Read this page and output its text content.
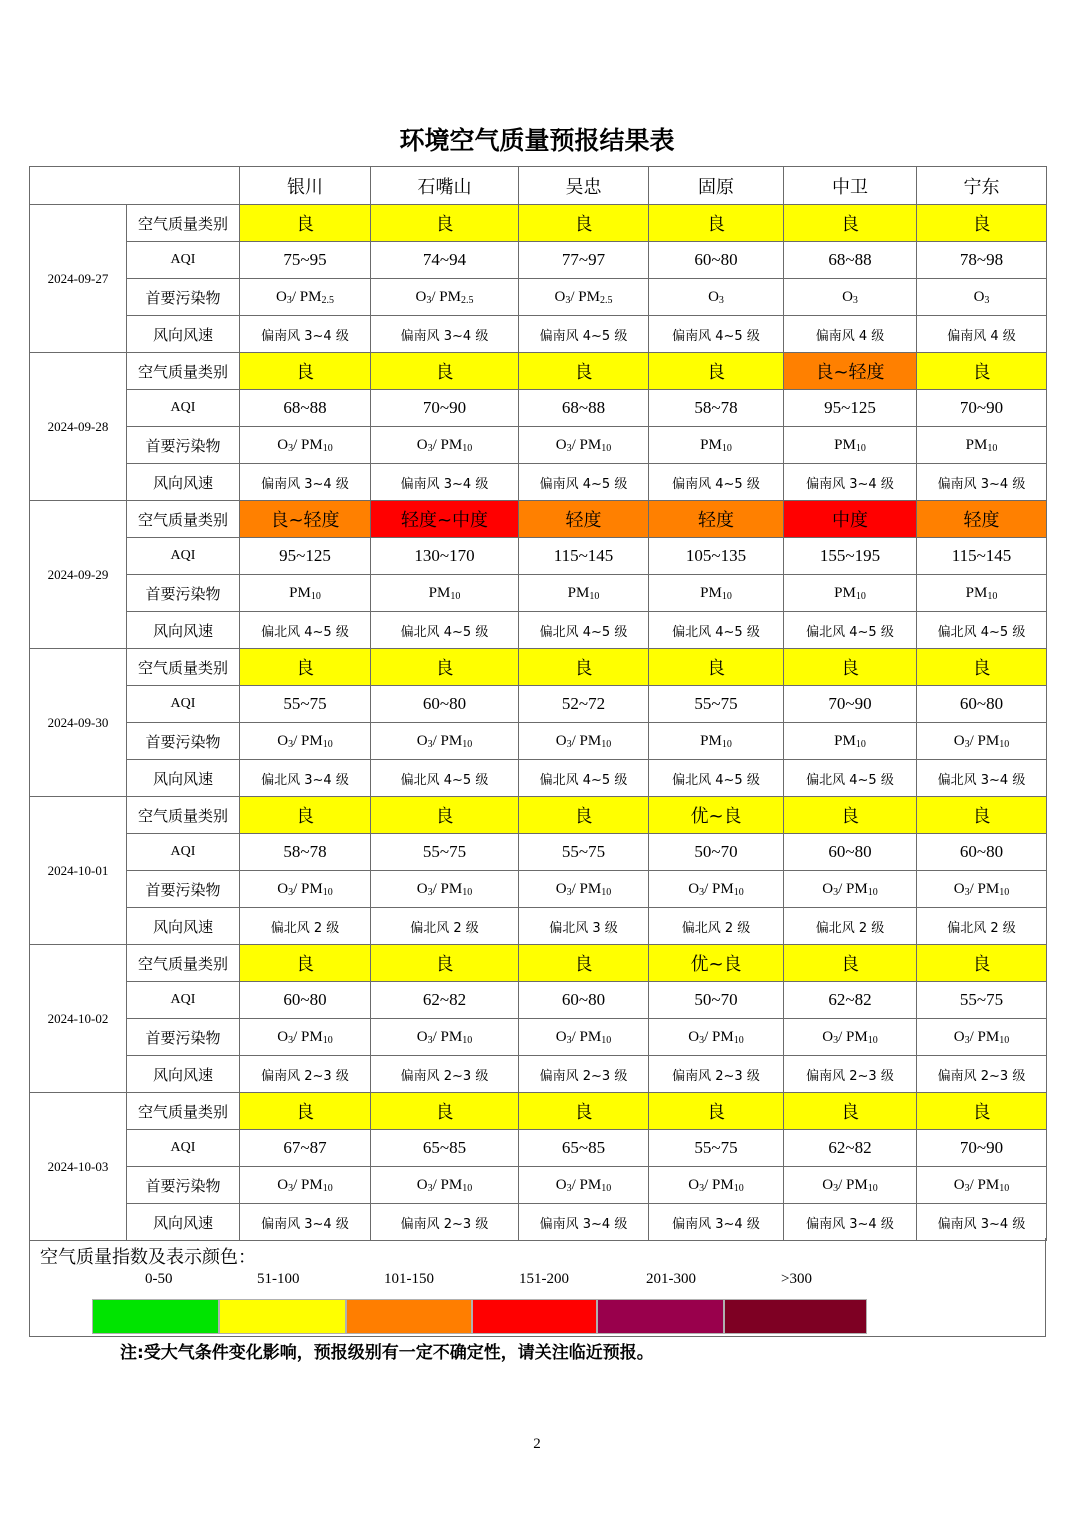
环境空气质量预报结果表
		银川	石嘴山	吴忠	固原	中卫	宁东
2024-09-27	空气质量类别	良	良	良	良	良	良
	AQI	75~95	74~94	77~97	60~80	68~88	78~98
	首要污染物	$O_3/$ $PM_{2.5}$	$O_3/$ $PM_{2.5}$	$O_3/$ $PM_{2.5}$	$O_3$	$O_3$	$O_3$
	风向风速	偏南风 3~4 级	偏南风 3~4 级	偏南风 4~5 级	偏南风 4~5 级	偏南风 4 级	偏南风 4 级
2024-09-28	空气质量类别	良	良	良	良	良~轻度	良
	AQI	68~88	70~90	68~88	58~78	95~125	70~90
	首要污染物	$O_3/$ $PM_{10}$	$O_3/$ $PM_{10}$	$O_3/$ $PM_{10}$	$PM_{10}$	$PM_{10}$	$PM_{10}$
	风向风速	偏南风 3~4 级	偏南风 3~4 级	偏南风 4~5 级	偏南风 4~5 级	偏南风 3~4 级	偏南风 3~4 级
2024-09-29	空气质量类别	良~轻度	轻度~中度	轻度	轻度	中度	轻度
	AQI	95~125	130~170	115~145	105~135	155~195	115~145
	首要污染物	$PM_{10}$	$PM_{10}$	$PM_{10}$	$PM_{10}$	$PM_{10}$	$PM_{10}$
	风向风速	偏北风 4~5 级	偏北风 4~5 级	偏北风 4~5 级	偏北风 4~5 级	偏北风 4~5 级	偏北风 4~5 级
2024-09-30	空气质量类别	良	良	良	良	良	良
	AQI	55~75	60~80	52~72	55~75	70~90	60~80
	首要污染物	$O_3/$ $PM_{10}$	$O_3/$ $PM_{10}$	$O_3/$ $PM_{10}$	$PM_{10}$	$PM_{10}$	$O_3/$ $PM_{10}$
	风向风速	偏北风 3~4 级	偏北风 4~5 级	偏北风 4~5 级	偏北风 4~5 级	偏北风 4~5 级	偏北风 3~4 级
2024-10-01	空气质量类别	良	良	良	优~良	良	良
	AQI	58~78	55~75	55~75	50~70	60~80	60~80
	首要污染物	$O_3/$ $PM_{10}$	$O_3/$ $PM_{10}$	$O_3/$ $PM_{10}$	$O_3/$ $PM_{10}$	$O_3/$ $PM_{10}$	$O_3/$ $PM_{10}$
	风向风速	偏北风 2 级	偏北风 2 级	偏北风 3 级	偏北风 2 级	偏北风 2 级	偏北风 2 级
2024-10-02	空气质量类别	良	良	良	优~良	良	良
	AQI	60~80	62~82	60~80	50~70	62~82	55~75
	首要污染物	$O_3/$ $PM_{10}$	$O_3/$ $PM_{10}$	$O_3/$ $PM_{10}$	$O_3/$ $PM_{10}$	$O_3/$ $PM_{10}$	$O_3/$ $PM_{10}$
	风向风速	偏南风 2~3 级	偏南风 2~3 级	偏南风 2~3 级	偏南风 2~3 级	偏南风 2~3 级	偏南风 2~3 级
2024-10-03	空气质量类别	良	良	良	良	良	良
	AQI	67~87	65~85	65~85	55~75	62~82	70~90
	首要污染物	$O_3/$ $PM_{10}$	$O_3/$ $PM_{10}$	$O_3/$ $PM_{10}$	$O_3/$ $PM_{10}$	$O_3/$ $PM_{10}$	$O_3/$ $PM_{10}$
	风向风速	偏南风 3~4 级	偏南风 2~3 级	偏南风 3~4 级	偏南风 3~4 级	偏南风 3~4 级	偏南风 3~4 级
空气质量指数及表示颜色：
0-50	51-100	101-150	151-200	201-300	>300
注:受大气条件变化影响，预报级别有一定不确定性，请关注临近预报。
2
